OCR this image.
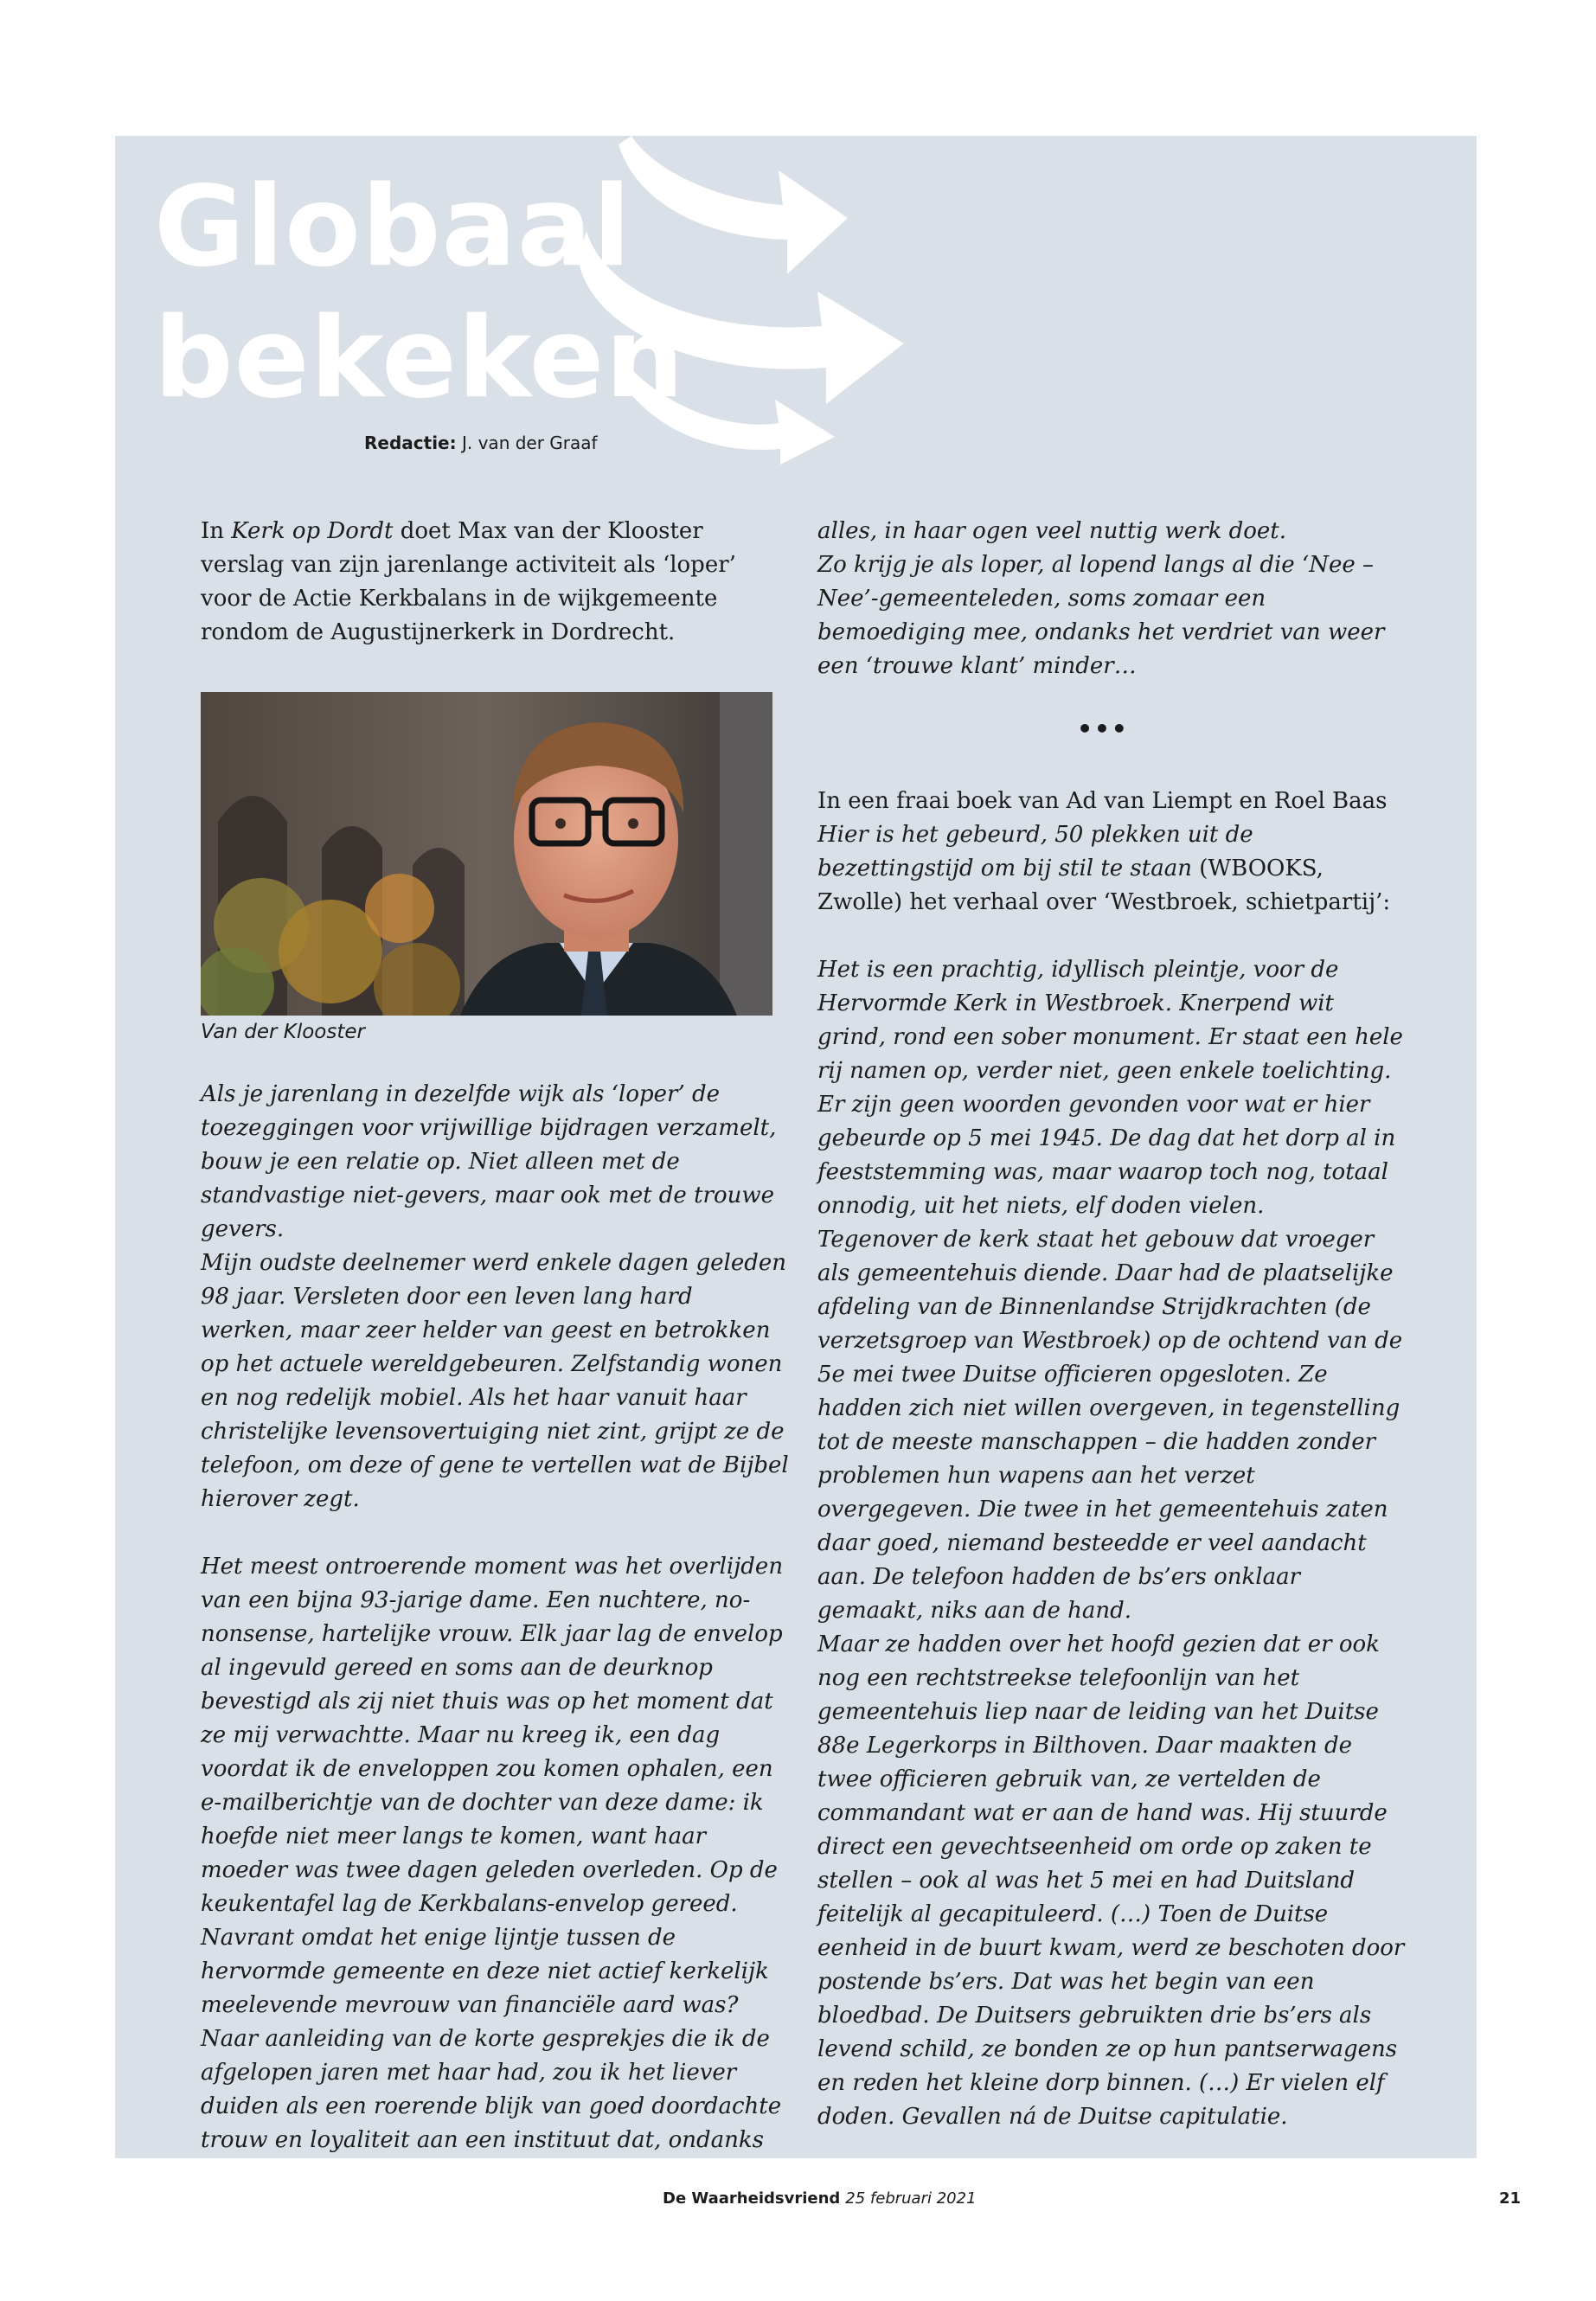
Globaal
bekeken
Redactie: J. van der Graaf

In Kerk op Dordt doet Max van der Klooster verslag van zijn jarenlange activiteit als ‘loper’ voor de Actie Kerkbalans in de wijkgemeente rondom de Augustijnerkerk in Dordrecht.

Van der Klooster

Als je jarenlang in dezelfde wijk als ‘loper’ de toezeggingen voor vrijwillige bijdragen verzamelt, bouw je een relatie op. Niet alleen met de standvastige niet-gevers, maar ook met de trouwe gevers.

Mijn oudste deelnemer werd enkele dagen geleden 98 jaar. Versleten door een leven lang hard werken, maar zeer helder van geest en betrokken op het actuele wereldgebeuren. Zelfstandig wonen en nog redelijk mobiel. Als het haar vanuit haar christelijke levensovertuiging niet zint, grijpt ze de telefoon, om deze of gene te vertellen wat de Bijbel hierover zegt.

Het meest ontroerende moment was het overlijden van een bijna 93-jarige dame. Een nuchtere, no-nonsense, hartelijke vrouw. Elk jaar lag de envelop al ingevuld gereed en soms aan de deurknop bevestigd als zij niet thuis was op het moment dat ze mij verwachtte. Maar nu kreeg ik, een dag voordat ik de enveloppen zou komen ophalen, een e-mailberichtje van de dochter van deze dame: ik hoefde niet meer langs te komen, want haar moeder was twee dagen geleden overleden. Op de keukentafel lag de Kerkbalans-envelop gereed. Navrant omdat het enige lijntje tussen de hervormde gemeente en deze niet actief kerkelijk meelevende mevrouw van financiële aard was? Naar aanleiding van de korte gesprekjes die ik de afgelopen jaren met haar had, zou ik het liever duiden als een roerende blijk van goed doordachte trouw en loyaliteit aan een instituut dat, ondanks

alles, in haar ogen veel nuttig werk doet.

Zo krijg je als loper, al lopend langs al die ‘Nee – Nee’-gemeenteleden, soms zomaar een bemoediging mee, ondanks het verdriet van weer een ‘trouwe klant’ minder…

In een fraai boek van Ad van Liempt en Roel Baas Hier is het gebeurd, 50 plekken uit de bezettingstijd om bij stil te staan (WBOOKS, Zwolle) het verhaal over ‘Westbroek, schietpartij’:

Het is een prachtig, idyllisch pleintje, voor de Hervormde Kerk in Westbroek. Knerpend wit grind, rond een sober monument. Er staat een hele rij namen op, verder niet, geen enkele toelichting. Er zijn geen woorden gevonden voor wat er hier gebeurde op 5 mei 1945. De dag dat het dorp al in feeststemming was, maar waarop toch nog, totaal onnodig, uit het niets, elf doden vielen.

Tegenover de kerk staat het gebouw dat vroeger als gemeentehuis diende. Daar had de plaatselijke afdeling van de Binnenlandse Strijdkrachten (de verzetsgroep van Westbroek) op de ochtend van de 5e mei twee Duitse officieren opgesloten. Ze hadden zich niet willen overgeven, in tegenstelling tot de meeste manschappen – die hadden zonder problemen hun wapens aan het verzet overgegeven. Die twee in het gemeentehuis zaten daar goed, niemand besteedde er veel aandacht aan. De telefoon hadden de bs’ers onklaar gemaakt, niks aan de hand.

Maar ze hadden over het hoofd gezien dat er ook nog een rechtstreekse telefoonlijn van het gemeentehuis liep naar de leiding van het Duitse 88e Legerkorps in Bilthoven. Daar maakten de twee officieren gebruik van, ze vertelden de commandant wat er aan de hand was. Hij stuurde direct een gevechtseenheid om orde op zaken te stellen – ook al was het 5 mei en had Duitsland feitelijk al gecapituleerd. (…) Toen de Duitse eenheid in de buurt kwam, werd ze beschoten door postende bs’ers. Dat was het begin van een bloedbad. De Duitsers gebruikten drie bs’ers als levend schild, ze bonden ze op hun pantserwagens en reden het kleine dorp binnen. (…) Er vielen elf doden. Gevallen ná de Duitse capitulatie.

•••
De Waarheidsvriend 25 februari 2021	21
